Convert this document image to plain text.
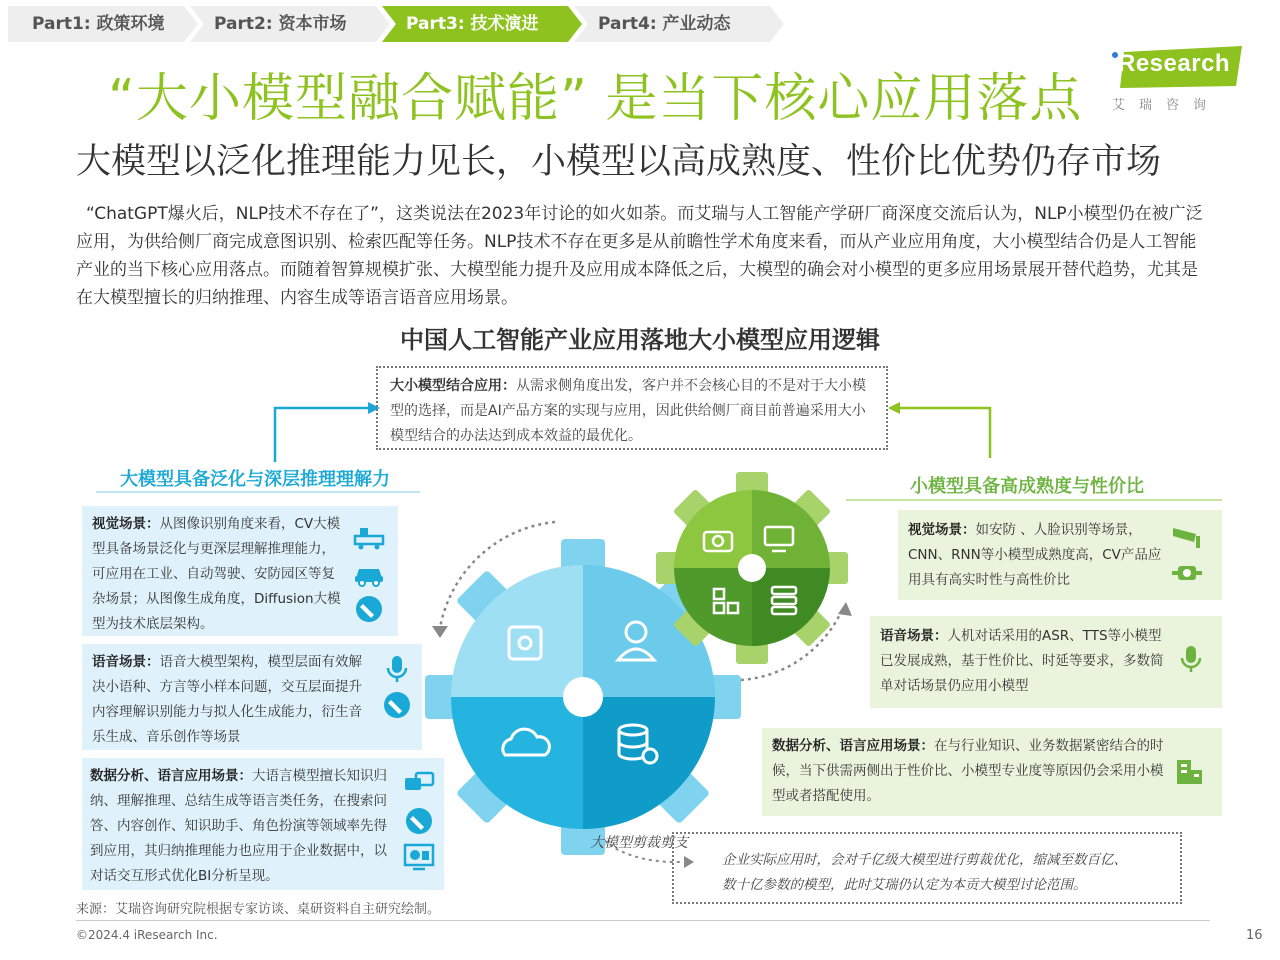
Part1: 政策环境	Part2: 资本市场	Part3: 技术演进	Part4: 产业动态
Research
艾瑞咨询
“大小模型融合赋能” 是当下核心应用落点
大模型以泛化推理能力见长，小模型以高成熟度、性价比优势仍存市场

“ChatGPT爆火后，NLP技术不存在了”，这类说法在2023年讨论的如火如荼。而艾瑞与人工智能产学研厂商深度交流后认为，NLP小模型仍在被广泛应用，为供给侧厂商完成意图识别、检索匹配等任务。NLP技术不存在更多是从前瞻性学术角度来看，而从产业应用角度，大小模型结合仍是人工智能产业的当下核心应用落点。而随着智算规模扩张、大模型能力提升及应用成本降低之后，大模型的确会对小模型的更多应用场景展开替代趋势，尤其是在大模型擅长的归纳推理、内容生成等语言语音应用场景。

中国人工智能产业应用落地大小模型应用逻辑
大小模型结合应用：从需求侧角度出发，客户并不会核心目的不是对于大小模型的选择，而是AI产品方案的实现与应用，因此供给侧厂商目前普遍采用大小模型结合的办法达到成本效益的最优化。
大模型具备泛化与深层推理理解力	小模型具备高成熟度与性价比
视觉场景：从图像识别角度来看，CV大模型具备场景泛化与更深层理解推理能力，可应用在工业、自动驾驶、安防园区等复杂场景；从图像生成角度，Diffusion大模型为技术底层架构。
语音场景：语音大模型架构，模型层面有效解决小语种、方言等小样本问题，交互层面提升内容理解识别能力与拟人化生成能力，衍生音乐生成、音乐创作等场景
数据分析、语言应用场景：大语言模型擅长知识归纳、理解推理、总结生成等语言类任务，在搜索问答、内容创作、知识助手、角色扮演等领域率先得到应用，其归纳推理能力也应用于企业数据中，以对话交互形式优化BI分析呈现。
视觉场景：如安防 、人脸识别等场景，CNN、RNN等小模型成熟度高，CV产品应用具有高实时性与高性价比
语音场景：人机对话采用的ASR、TTS等小模型已发展成熟，基于性价比、时延等要求，多数简单对话场景仍应用小模型
数据分析、语言应用场景：在与行业知识、业务数据紧密结合的时候，当下供需两侧出于性价比、小模型专业度等原因仍会采用小模型或者搭配使用。
大模型剪裁剪支
企业实际应用时，会对千亿级大模型进行剪裁优化，缩减至数百亿、数十亿参数的模型，此时艾瑞仍认定为本贡大模型讨论范围。
来源：艾瑞咨询研究院根据专家访谈、桌研资料自主研究绘制。
©2024.4 iResearch Inc.	16
